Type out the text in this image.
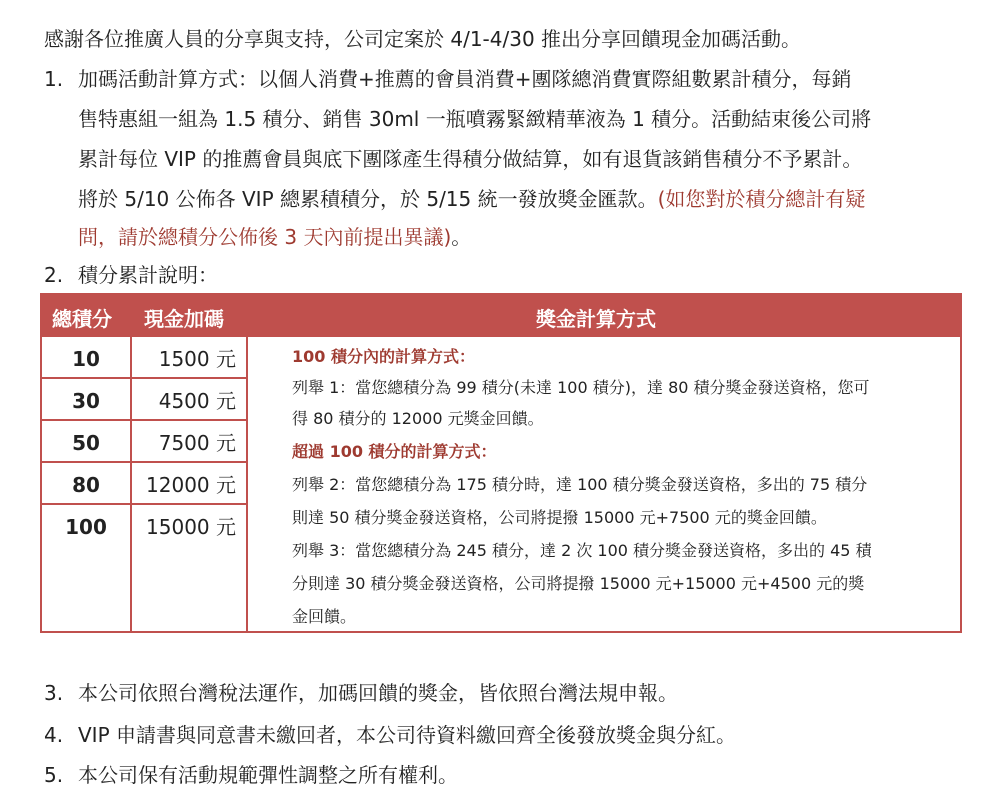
感謝各位推廣人員的分享與支持，公司定案於 4/1-4/30 推出分享回饋現金加碼活動。
1. 加碼活動計算方式：以個人消費+推薦的會員消費+團隊總消費實際組數累計積分，每銷
售特惠組一組為 1.5 積分、銷售 30ml 一瓶噴霧緊緻精華液為 1 積分。活動結束後公司將
累計每位 VIP 的推薦會員與底下團隊產生得積分做結算，如有退貨該銷售積分不予累計。
將於 5/10 公佈各 VIP 總累積積分，於 5/15 統一發放獎金匯款。(如您對於積分總計有疑
問，請於總積分公佈後 3 天內前提出異議)。
2. 積分累計說明：
總積分 現金加碼	獎金計算方式
10	1500 元
30	4500 元
50	7500 元
80	12000 元
100	15000 元
100 積分內的計算方式：
列舉 1：當您總積分為 99 積分(未達 100 積分)，達 80 積分獎金發送資格，您可
得 80 積分的 12000 元獎金回饋。
超過 100 積分的計算方式：
列舉 2：當您總積分為 175 積分時，達 100 積分獎金發送資格，多出的 75 積分
則達 50 積分獎金發送資格，公司將提撥 15000 元+7500 元的獎金回饋。
列舉 3：當您總積分為 245 積分，達 2 次 100 積分獎金發送資格，多出的 45 積
分則達 30 積分獎金發送資格，公司將提撥 15000 元+15000 元+4500 元的獎
金回饋。
3. 本公司依照台灣稅法運作，加碼回饋的獎金，皆依照台灣法規申報。
4. VIP 申請書與同意書未繳回者，本公司待資料繳回齊全後發放獎金與分紅。
5. 本公司保有活動規範彈性調整之所有權利。
